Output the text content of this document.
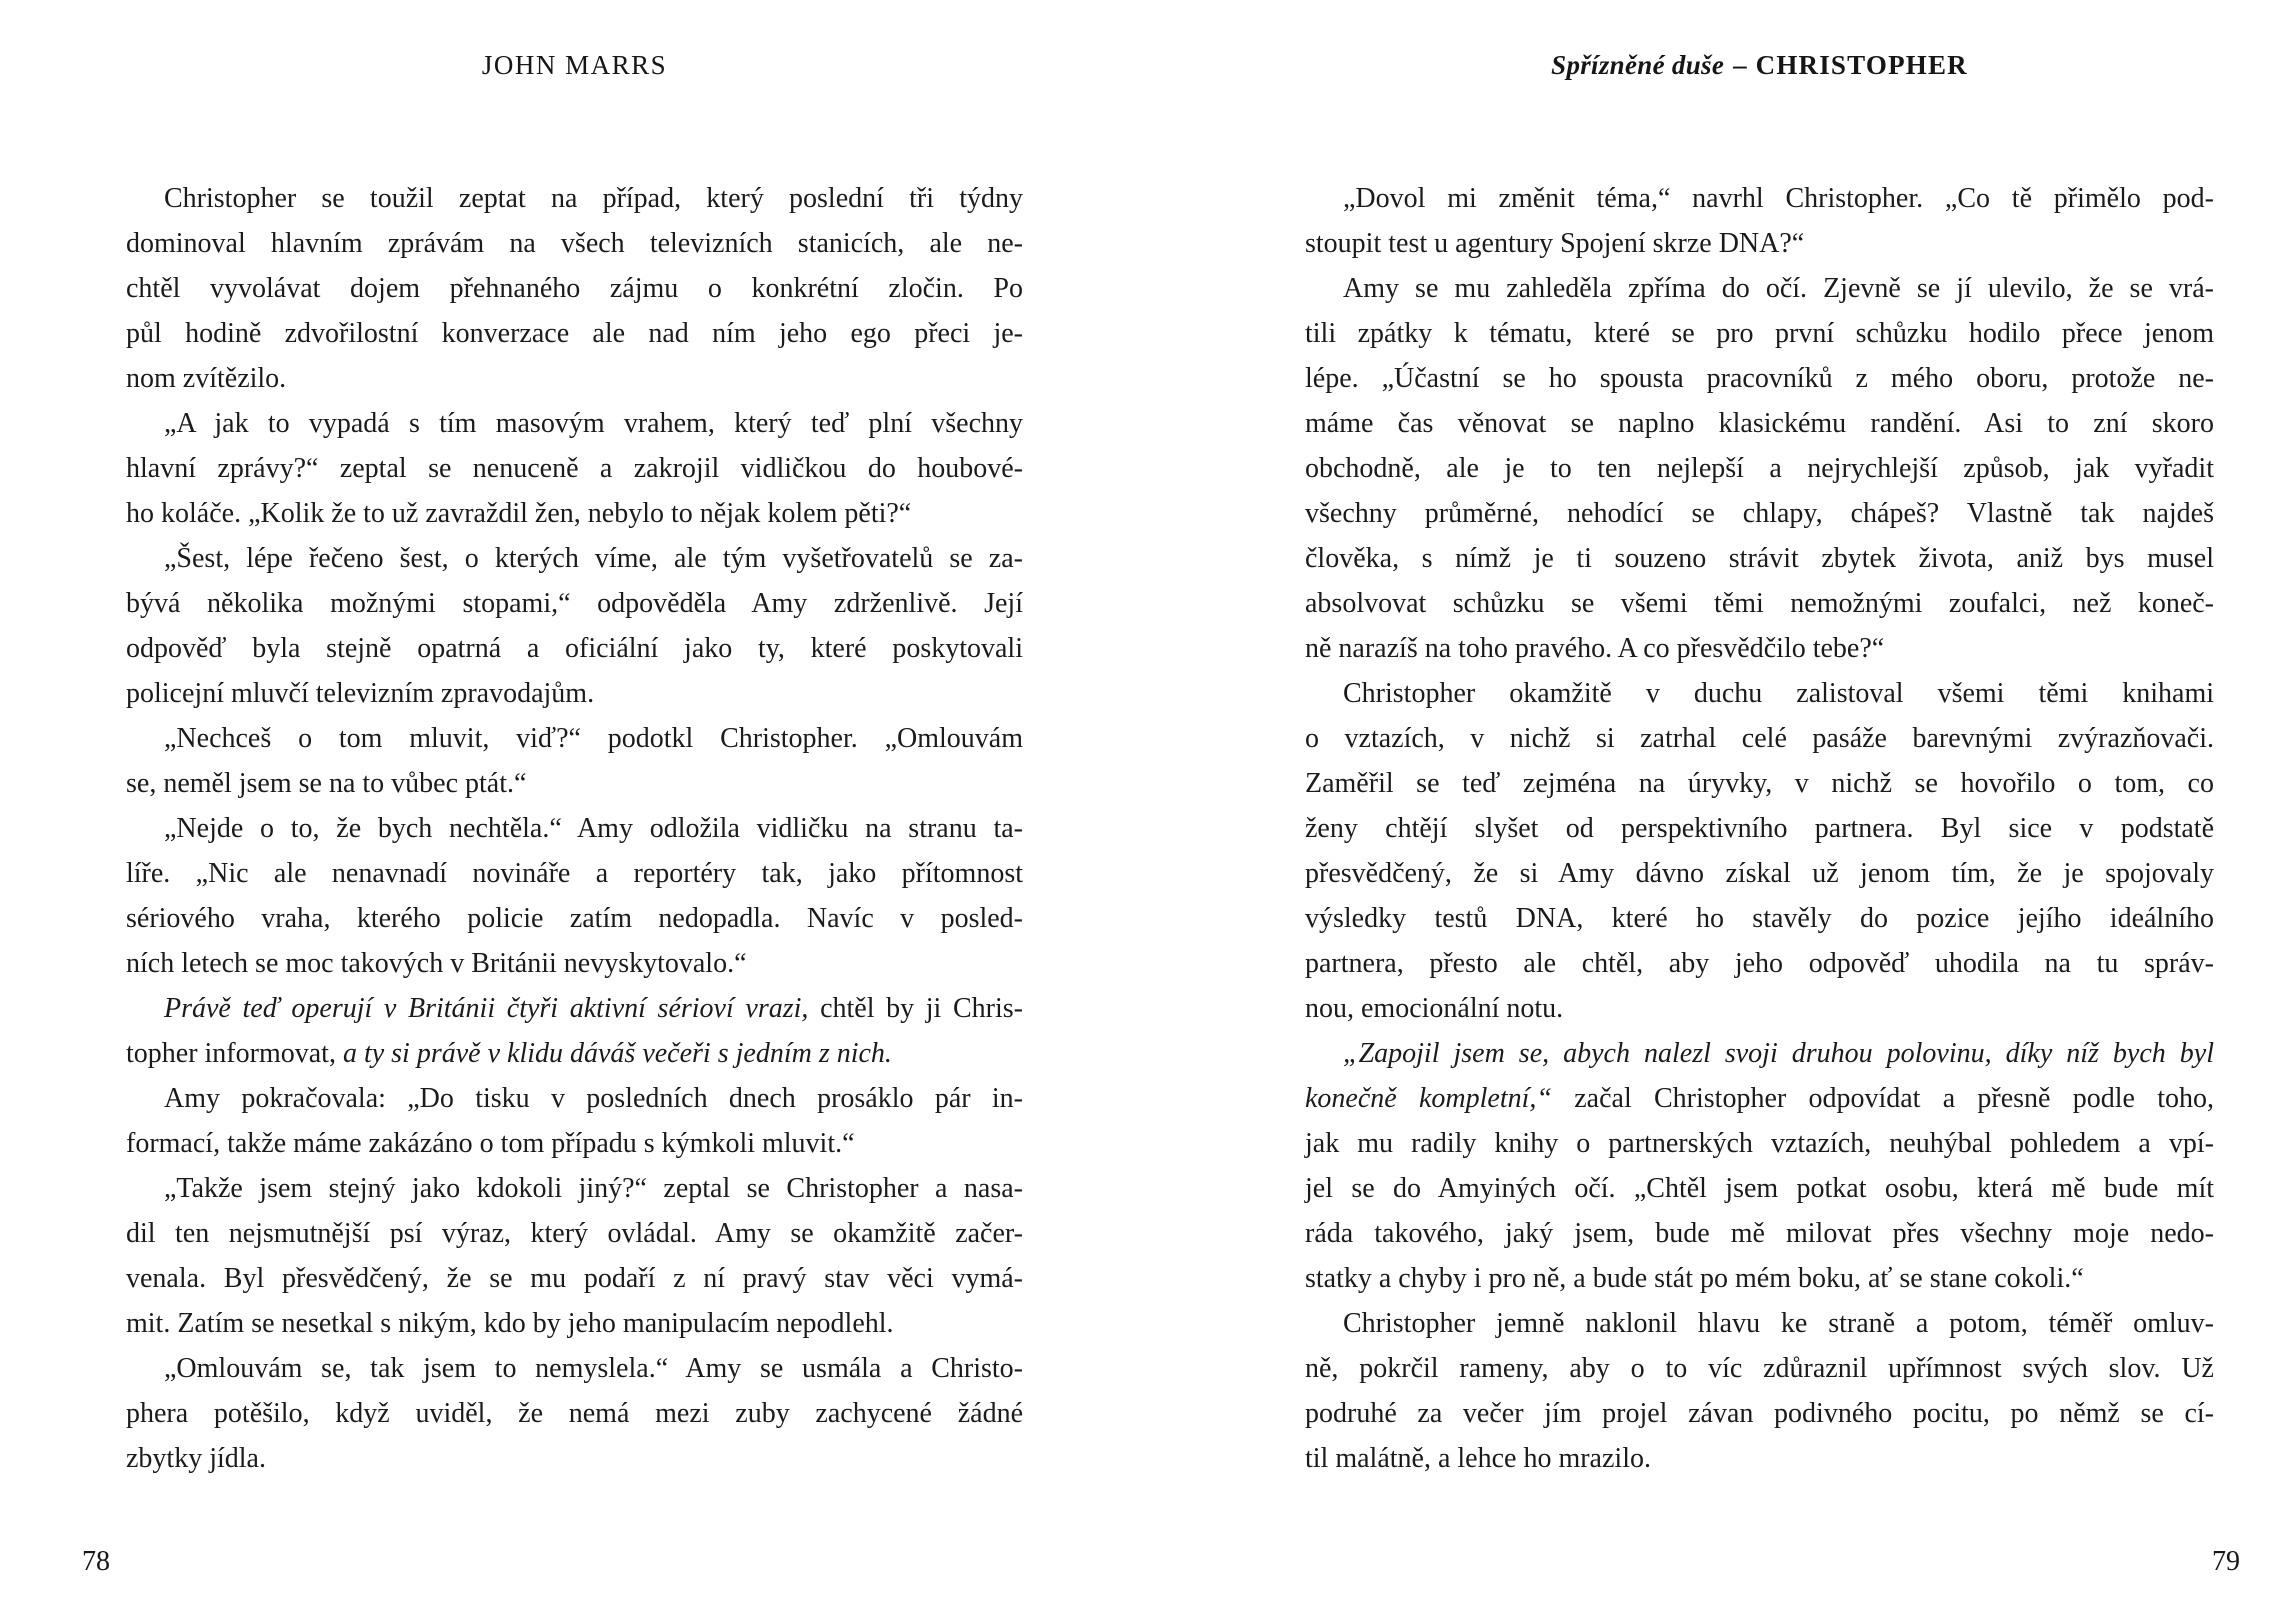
JOHN MARRS
Christopher se toužil zeptat na případ, který poslední tři týdny
dominoval hlavním zprávám na všech televizních stanicích, ale ne-
chtěl vyvolávat dojem přehnaného zájmu o konkrétní zločin. Po
půl hodině zdvořilostní konverzace ale nad ním jeho ego přeci je-
nom zvítězilo.
„A jak to vypadá s tím masovým vrahem, který teď plní všechny
hlavní zprávy?“ zeptal se nenuceně a zakrojil vidličkou do houbové-
ho koláče. „Kolik že to už zavraždil žen, nebylo to nějak kolem pěti?“
„Šest, lépe řečeno šest, o kterých víme, ale tým vyšetřovatelů se za-
bývá několika možnými stopami,“ odpověděla Amy zdrženlivě. Její
odpověď byla stejně opatrná a oficiální jako ty, které poskytovali
policejní mluvčí televizním zpravodajům.
„Nechceš o tom mluvit, viď?“ podotkl Christopher. „Omlouvám
se, neměl jsem se na to vůbec ptát.“
„Nejde o to, že bych nechtěla.“ Amy odložila vidličku na stranu ta-
líře. „Nic ale nenavnadí novináře a reportéry tak, jako přítomnost
sériového vraha, kterého policie zatím nedopadla. Navíc v posled-
ních letech se moc takových v Británii nevyskytovalo.“
Právě teď operují v Británii čtyři aktivní sérioví vrazi, chtěl by ji Chris-
topher informovat, a ty si právě v klidu dáváš večeři s jedním z nich.
Amy pokračovala: „Do tisku v posledních dnech prosáklo pár in-
formací, takže máme zakázáno o tom případu s kýmkoli mluvit.“
„Takže jsem stejný jako kdokoli jiný?“ zeptal se Christopher a nasa-
dil ten nejsmutnější psí výraz, který ovládal. Amy se okamžitě začer-
venala. Byl přesvědčený, že se mu podaří z ní pravý stav věci vymá-
mit. Zatím se nesetkal s nikým, kdo by jeho manipulacím nepodlehl.
„Omlouvám se, tak jsem to nemyslela.“ Amy se usmála a Christo-
phera potěšilo, když uviděl, že nemá mezi zuby zachycené žádné
zbytky jídla.
78
Spřízněné duše – CHRISTOPHER
„Dovol mi změnit téma,“ navrhl Christopher. „Co tě přimělo pod-
stoupit test u agentury Spojení skrze DNA?“
Amy se mu zahleděla zpříma do očí. Zjevně se jí ulevilo, že se vrá-
tili zpátky k tématu, které se pro první schůzku hodilo přece jenom
lépe. „Účastní se ho spousta pracovníků z mého oboru, protože ne-
máme čas věnovat se naplno klasickému randění. Asi to zní skoro
obchodně, ale je to ten nejlepší a nejrychlejší způsob, jak vyřadit
všechny průměrné, nehodící se chlapy, chápeš? Vlastně tak najdeš
člověka, s nímž je ti souzeno strávit zbytek života, aniž bys musel
absolvovat schůzku se všemi těmi nemožnými zoufalci, než koneč-
ně narazíš na toho pravého. A co přesvědčilo tebe?“
Christopher okamžitě v duchu zalistoval všemi těmi knihami
o vztazích, v nichž si zatrhal celé pasáže barevnými zvýrazňovači.
Zaměřil se teď zejména na úryvky, v nichž se hovořilo o tom, co
ženy chtějí slyšet od perspektivního partnera. Byl sice v podstatě
přesvědčený, že si Amy dávno získal už jenom tím, že je spojovaly
výsledky testů DNA, které ho stavěly do pozice jejího ideálního
partnera, přesto ale chtěl, aby jeho odpověď uhodila na tu správ-
nou, emocionální notu.
„Zapojil jsem se, abych nalezl svoji druhou polovinu, díky níž bych byl
konečně kompletní,“ začal Christopher odpovídat a přesně podle toho,
jak mu radily knihy o partnerských vztazích, neuhýbal pohledem a vpí-
jel se do Amyiných očí. „Chtěl jsem potkat osobu, která mě bude mít
ráda takového, jaký jsem, bude mě milovat přes všechny moje nedo-
statky a chyby i pro ně, a bude stát po mém boku, ať se stane cokoli.“
Christopher jemně naklonil hlavu ke straně a potom, téměř omluv-
ně, pokrčil rameny, aby o to víc zdůraznil upřímnost svých slov. Už
podruhé za večer jím projel závan podivného pocitu, po němž se cí-
til malátně, a lehce ho mrazilo.
79
